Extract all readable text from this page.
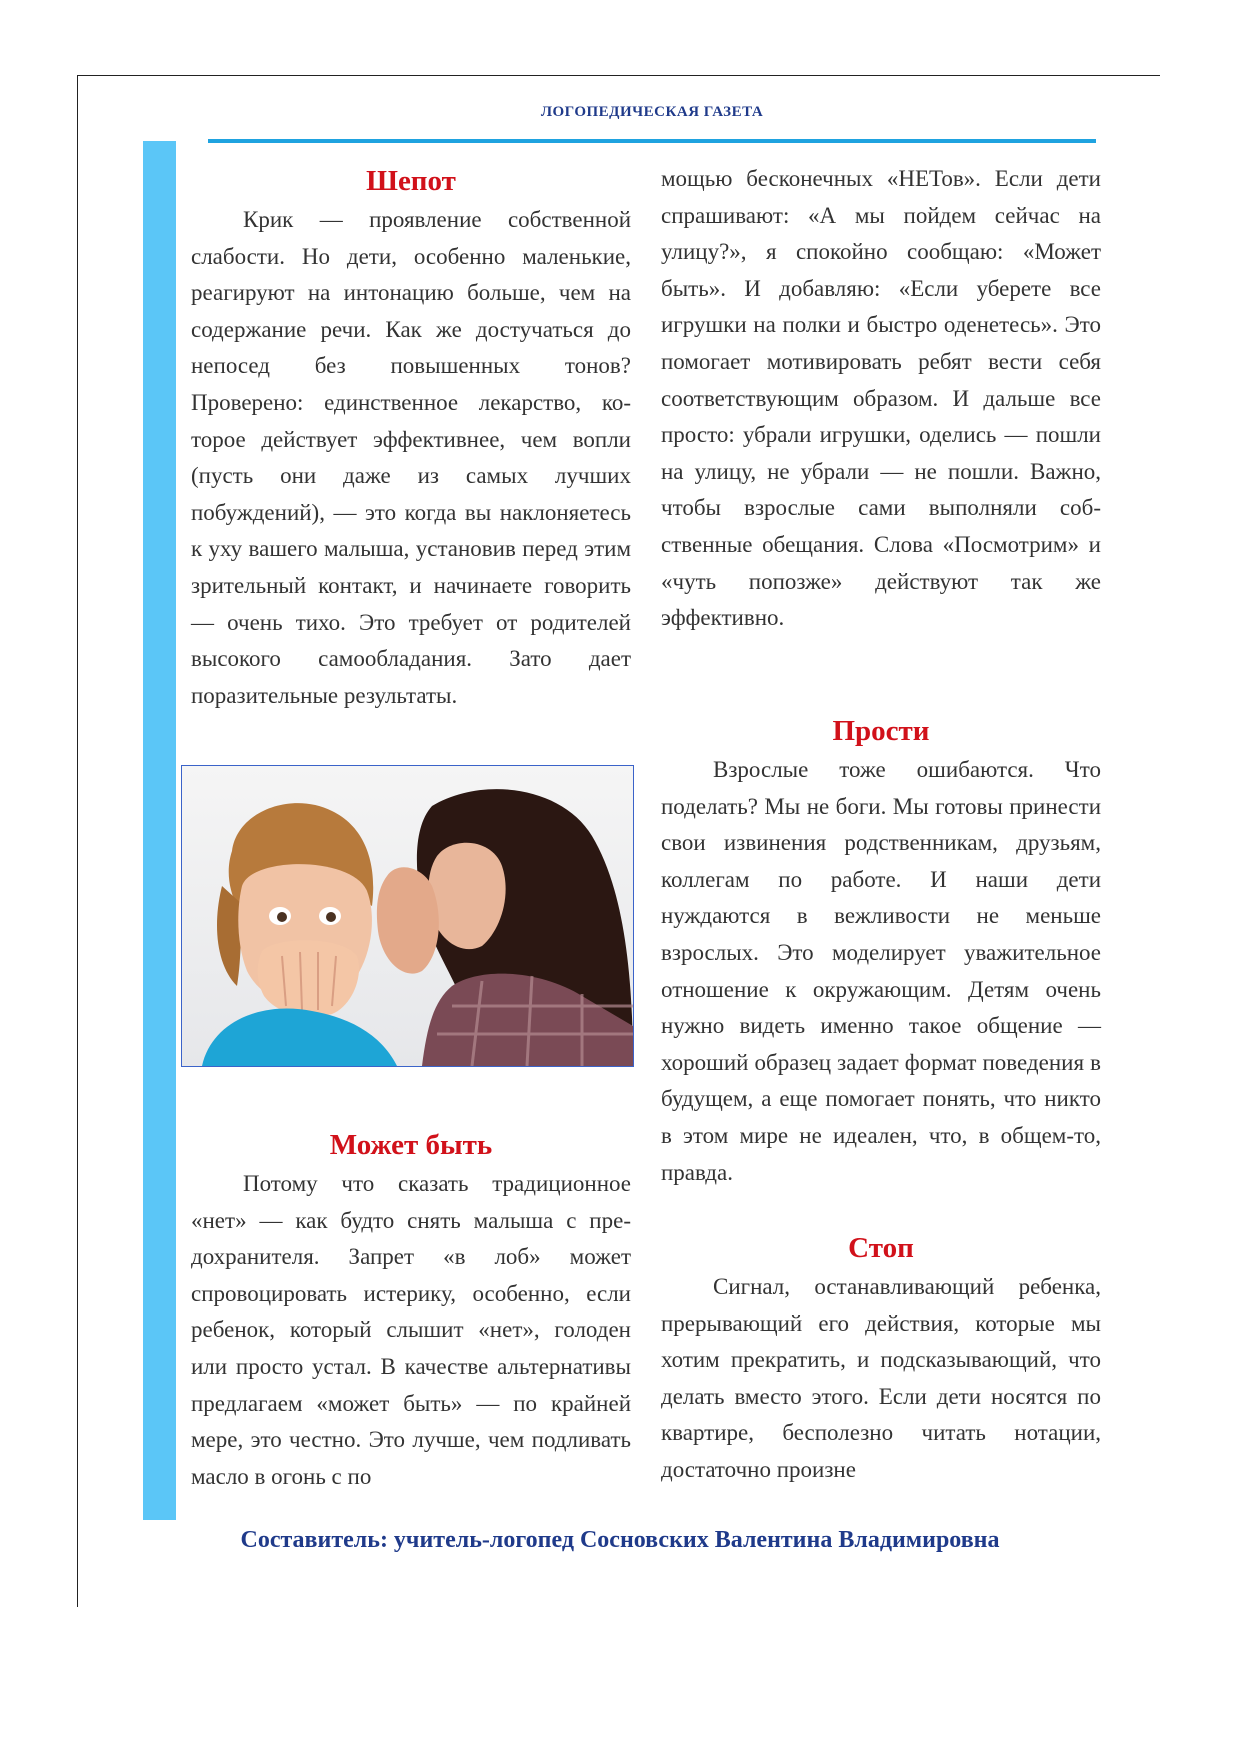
ЛОГОПЕДИЧЕСКАЯ ГАЗЕТА
Шепот

Крик — проявление собственной слабости. Но дети, особенно маленькие, реагируют на интонацию больше, чем на содержание речи. Как же достучаться до непосед без повышенных тонов? Проверено: единственное лекарство, которое действует эффективнее, чем вопли (пусть они даже из самых лучших побуждений), — это когда вы наклоняетесь к уху вашего малыша, установив перед этим зрительный контакт, и начинаете говорить — очень тихо. Это требует от родителей высокого самообладания. Зато дает поразительные результаты.

Может быть

Потому что сказать традиционное «нет» — как будто снять малыша с предохранителя. Запрет «в лоб» может спровоцировать истерику, особенно, если ребенок, который слышит «нет», голоден или просто устал. В качестве альтернативы предлагаем «может быть» — по крайней мере, это честно. Это лучше, чем подливать масло в огонь с по

мощью бесконечных «НЕТов». Если дети спрашивают: «А мы пойдем сейчас на улицу?», я спокойно сообщаю: «Может быть». И добавляю: «Если уберете все игрушки на полки и быстро оденетесь». Это помогает мотивировать ребят вести себя соответствующим образом. И дальше все просто: убрали игрушки, оделись — пошли на улицу, не убрали — не пошли. Важно, чтобы взрослые сами выполняли собственные обещания. Слова «Посмотрим» и «чуть попозже» действуют так же эффективно.

Прости

Взрослые тоже ошибаются. Что поделать? Мы не боги. Мы готовы принести свои извинения родственникам, друзьям, коллегам по работе. И наши дети нуждаются в вежливости не меньше взрослых. Это моделирует уважительное отношение к окружающим. Детям очень нужно видеть именно такое общение — хороший образец задает формат поведения в будущем, а еще помогает понять, что никто в этом мире не идеален, что, в общем-то, правда.

Стоп

Сигнал, останавливающий ребенка, прерывающий его действия, которые мы хотим прекратить, и подсказывающий, что делать вместо этого. Если дети носятся по квартире, бесполезно читать нотации, достаточно произне

Составитель: учитель-логопед Сосновских Валентина Владимировна
